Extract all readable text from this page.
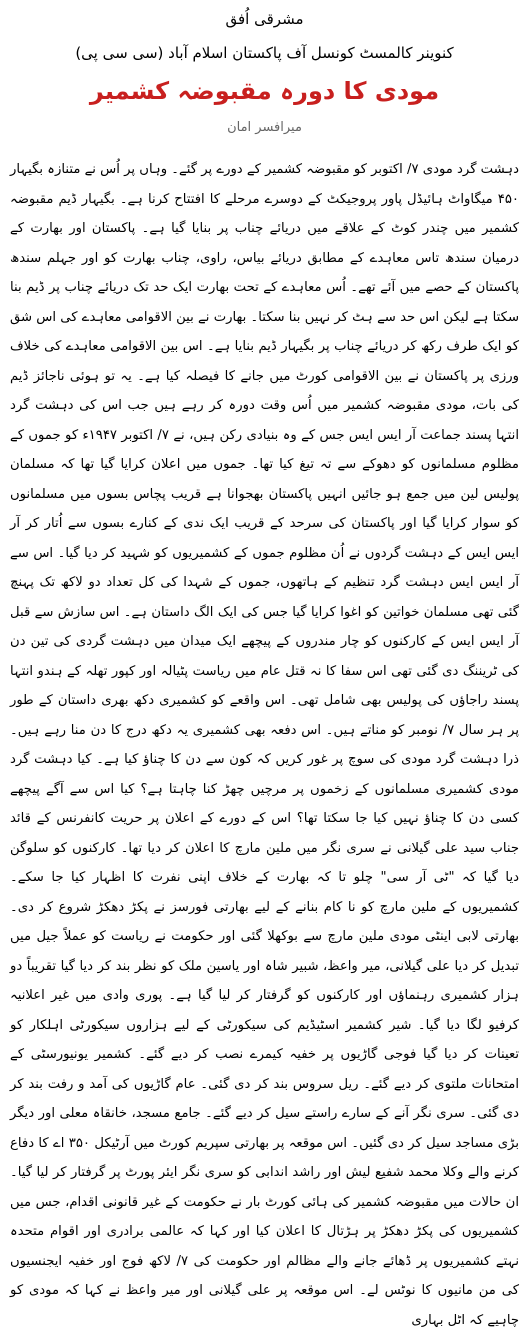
مشرقی اُفق
کنوینر کالمسٹ کونسل آف پاکستان اسلام آباد (سی سی پی)
مودی کا دورہ مقبوضہ کشمیر
میرافسر امان

دہشت گرد مودی ۷/ اکتوبر کو مقبوضہ کشمیر کے دورے پر گئے۔ وہاں پر اُس نے متنازہ بگیہار ۴۵۰ میگاواٹ ہائیڈل پاور پروجیکٹ کے دوسرے مرحلے کا افتتاح کرنا ہے۔ بگیہار ڈیم مقبوضہ کشمیر میں چندر کوٹ کے علاقے میں دریائے چناب پر بنایا گیا ہے۔ پاکستان اور بھارت کے درمیان سندھ تاس معاہدے کے مطابق دریائے بیاس، راوی، چناب بھارت کو اور جہلم سندھ پاکستان کے حصے میں آئے تھے۔ اُس معاہدے کے تحت بھارت ایک حد تک دریائے چناب پر ڈیم بنا سکتا ہے لیکن اس حد سے ہٹ کر نہیں بنا سکتا۔ بھارت نے بین الاقوامی معاہدے کی اس شق کو ایک طرف رکھ کر دریائے چناب پر بگیہار ڈیم بنایا ہے۔ اس بین الاقوامی معاہدے کی خلاف ورزی پر پاکستان نے بین الاقوامی کورٹ میں جانے کا فیصلہ کیا ہے۔ یہ تو ہوئی ناجائز ڈیم کی بات، مودی مقبوضہ کشمیر میں اُس وقت دورہ کر رہے ہیں جب اس کی دہشت گرد انتہا پسند جماعت آر ایس ایس جس کے وہ بنیادی رکن ہیں، نے ۷/ اکتوبر ۱۹۴۷ء کو جموں کے مظلوم مسلمانوں کو دھوکے سے تہ تیغ کیا تھا۔ جموں میں اعلان کرایا گیا تھا کہ مسلمان پولیس لین میں جمع ہو جائیں انہیں پاکستان بھجوانا ہے قریب پچاس بسوں میں مسلمانوں کو سوار کرایا گیا اور پاکستان کی سرحد کے قریب ایک ندی کے کنارے بسوں سے اُتار کر آر ایس ایس کے دہشت گردوں نے اُن مظلوم جموں کے کشمیریوں کو شہید کر دیا گیا۔ اس سے آر ایس ایس دہشت گرد تنظیم کے ہاتھوں، جموں کے شہدا کی کل تعداد دو لاکھ تک پہنچ گئی تھی مسلمان خواتین کو اغوا کرایا گیا جس کی ایک الگ داستان ہے۔ اس سازش سے قبل آر ایس ایس کے کارکنوں کو چار مندروں کے پیچھے ایک میدان میں دہشت گردی کی تین دن کی ٹریننگ دی گئی تھی اس سفا کا نہ قتل عام میں ریاست پٹیالہ اور کپور تھلہ کے ہندو انتہا پسند راجاؤں کی پولیس بھی شامل تھی۔ اس واقعے کو کشمیری دکھ بھری داستان کے طور پر ہر سال ۷/ نومبر کو مناتے ہیں۔ اس دفعہ بھی کشمیری یہ دکھ درج کا دن منا رہے ہیں۔ ذرا دہشت گرد مودی کی سوچ پر غور کریں کہ کون سے دن کا چناؤ کیا ہے۔ کیا دہشت گرد مودی کشمیری مسلمانوں کے زخموں پر مرچیں چھڑ کنا چاہتا ہے؟ کیا اس سے آگے پیچھے کسی دن کا چناؤ نہیں کیا جا سکتا تھا؟ اس کے دورے کے اعلان پر حریت کانفرنس کے قائد جناب سید علی گیلانی نے سری نگر میں ملین مارچ کا اعلان کر دیا تھا۔ کارکنوں کو سلوگن دیا گیا کہ "ٹی آر سی" چلو تا کہ بھارت کے خلاف اپنی نفرت کا اظہار کیا جا سکے۔ کشمیریوں کے ملین مارچ کو نا کام بنانے کے لیے بھارتی فورسز نے پکڑ دھکڑ شروع کر دی۔ بھارتی لابی اینٹی مودی ملین مارچ سے بوکھلا گئی اور حکومت نے ریاست کو عملاً جیل میں تبدیل کر دیا علی گیلانی، میر واعظ، شبیر شاہ اور یاسین ملک کو نظر بند کر دیا گیا تقریباً دو ہزار کشمیری رہنماؤں اور کارکنوں کو گرفتار کر لیا گیا ہے۔ پوری وادی میں غیر اعلانیہ کرفیو لگا دیا گیا۔ شیر کشمیر اسٹیڈیم کی سیکورٹی کے لیے ہزاروں سیکورٹی اہلکار کو تعینات کر دیا گیا فوجی گاڑیوں پر خفیہ کیمرے نصب کر دیے گئے۔ کشمیر یونیورسٹی کے امتحانات ملتوی کر دیے گئے۔ ریل سروس بند کر دی گئی۔ عام گاڑیوں کی آمد و رفت بند کر دی گئی۔ سری نگر آنے کے سارے راستے سیل کر دیے گئے۔ جامع مسجد، خانقاہ معلی اور دیگر بڑی مساجد سیل کر دی گئیں۔ اس موقعہ پر بھارتی سپریم کورٹ میں آرٹیکل ۳۵۰ اے کا دفاع کرنے والے وکلا محمد شفیع لیش اور راشد اندابی کو سری نگر ایئر پورٹ پر گرفتار کر لیا گیا۔ ان حالات میں مقبوضہ کشمیر کی ہائی کورٹ بار نے حکومت کے غیر قانونی اقدام، جس میں کشمیریوں کی پکڑ دھکڑ پر ہڑتال کا اعلان کیا اور کہا کہ عالمی برادری اور اقوام متحدہ نہتے کشمیریوں پر ڈھائے جانے والے مظالم اور حکومت کی ۷/ لاکھ فوج اور خفیہ ایجنسیوں کی من مانیوں کا نوٹس لے۔ اس موقعہ پر علی گیلانی اور میر واعظ نے کہا کہ مودی کو چاہیے کہ اٹل بہاری
